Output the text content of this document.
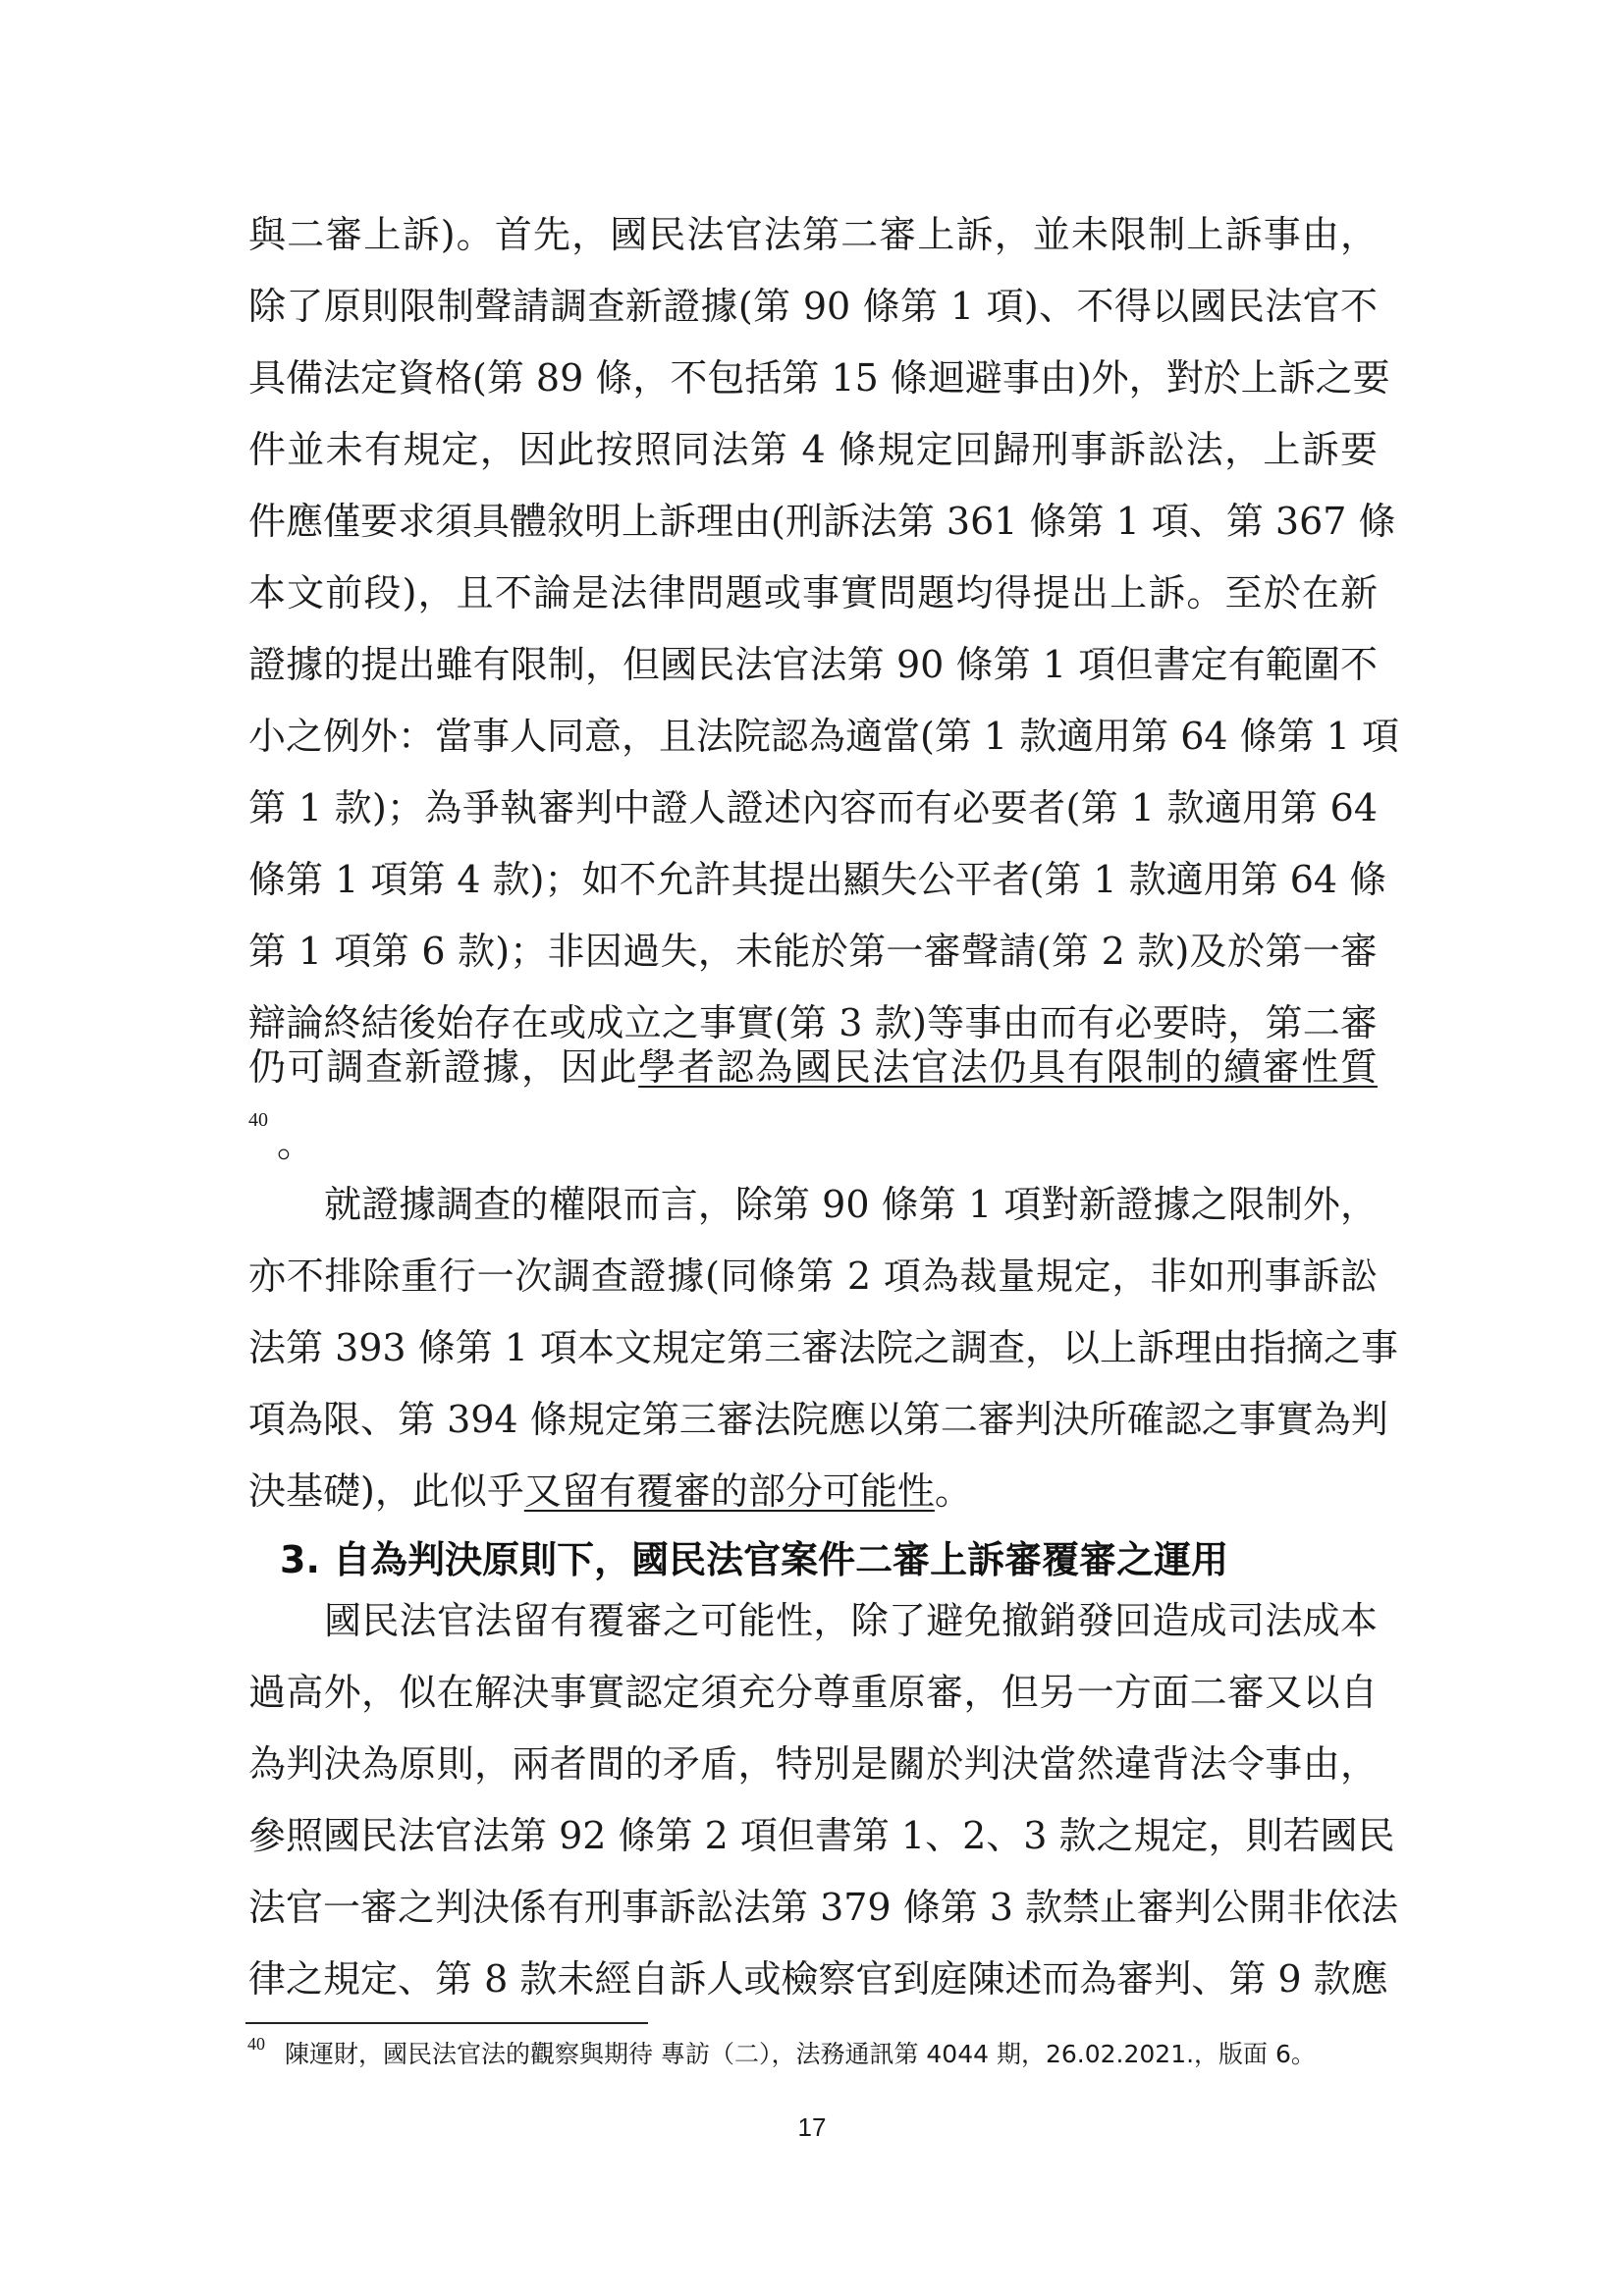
與二審上訴)。首先，國民法官法第二審上訴，並未限制上訴事由，
除了原則限制聲請調查新證據(第 90 條第 1 項)、不得以國民法官不
具備法定資格(第 89 條，不包括第 15 條迴避事由)外，對於上訴之要
件並未有規定，因此按照同法第 4 條規定回歸刑事訴訟法，上訴要
件應僅要求須具體敘明上訴理由(刑訴法第 361 條第 1 項、第 367 條
本文前段)，且不論是法律問題或事實問題均得提出上訴。至於在新
證據的提出雖有限制，但國民法官法第 90 條第 1 項但書定有範圍不
小之例外：當事人同意，且法院認為適當(第 1 款適用第 64 條第 1 項
第 1 款)；為爭執審判中證人證述內容而有必要者(第 1 款適用第 64
條第 1 項第 4 款)；如不允許其提出顯失公平者(第 1 款適用第 64 條
第 1 項第 6 款)；非因過失，未能於第一審聲請(第 2 款)及於第一審
辯論終結後始存在或成立之事實(第 3 款)等事由而有必要時，第二審
仍可調查新證據，因此學者認為國民法官法仍具有限制的續審性質
40
。
就證據調查的權限而言，除第 90 條第 1 項對新證據之限制外，
亦不排除重行一次調查證據(同條第 2 項為裁量規定，非如刑事訴訟
法第 393 條第 1 項本文規定第三審法院之調查，以上訴理由指摘之事
項為限、第 394 條規定第三審法院應以第二審判決所確認之事實為判
決基礎)，此似乎又留有覆審的部分可能性。
3. 自為判決原則下，國民法官案件二審上訴審覆審之運用
國民法官法留有覆審之可能性，除了避免撤銷發回造成司法成本
過高外，似在解決事實認定須充分尊重原審，但另一方面二審又以自
為判決為原則，兩者間的矛盾，特別是關於判決當然違背法令事由，
參照國民法官法第 92 條第 2 項但書第 1、2、3 款之規定，則若國民
法官一審之判決係有刑事訴訟法第 379 條第 3 款禁止審判公開非依法
律之規定、第 8 款未經自訴人或檢察官到庭陳述而為審判、第 9 款應
40 陳運財，國民法官法的觀察與期待 專訪（二），法務通訊第 4044 期，26.02.2021.，版面 6。
17
